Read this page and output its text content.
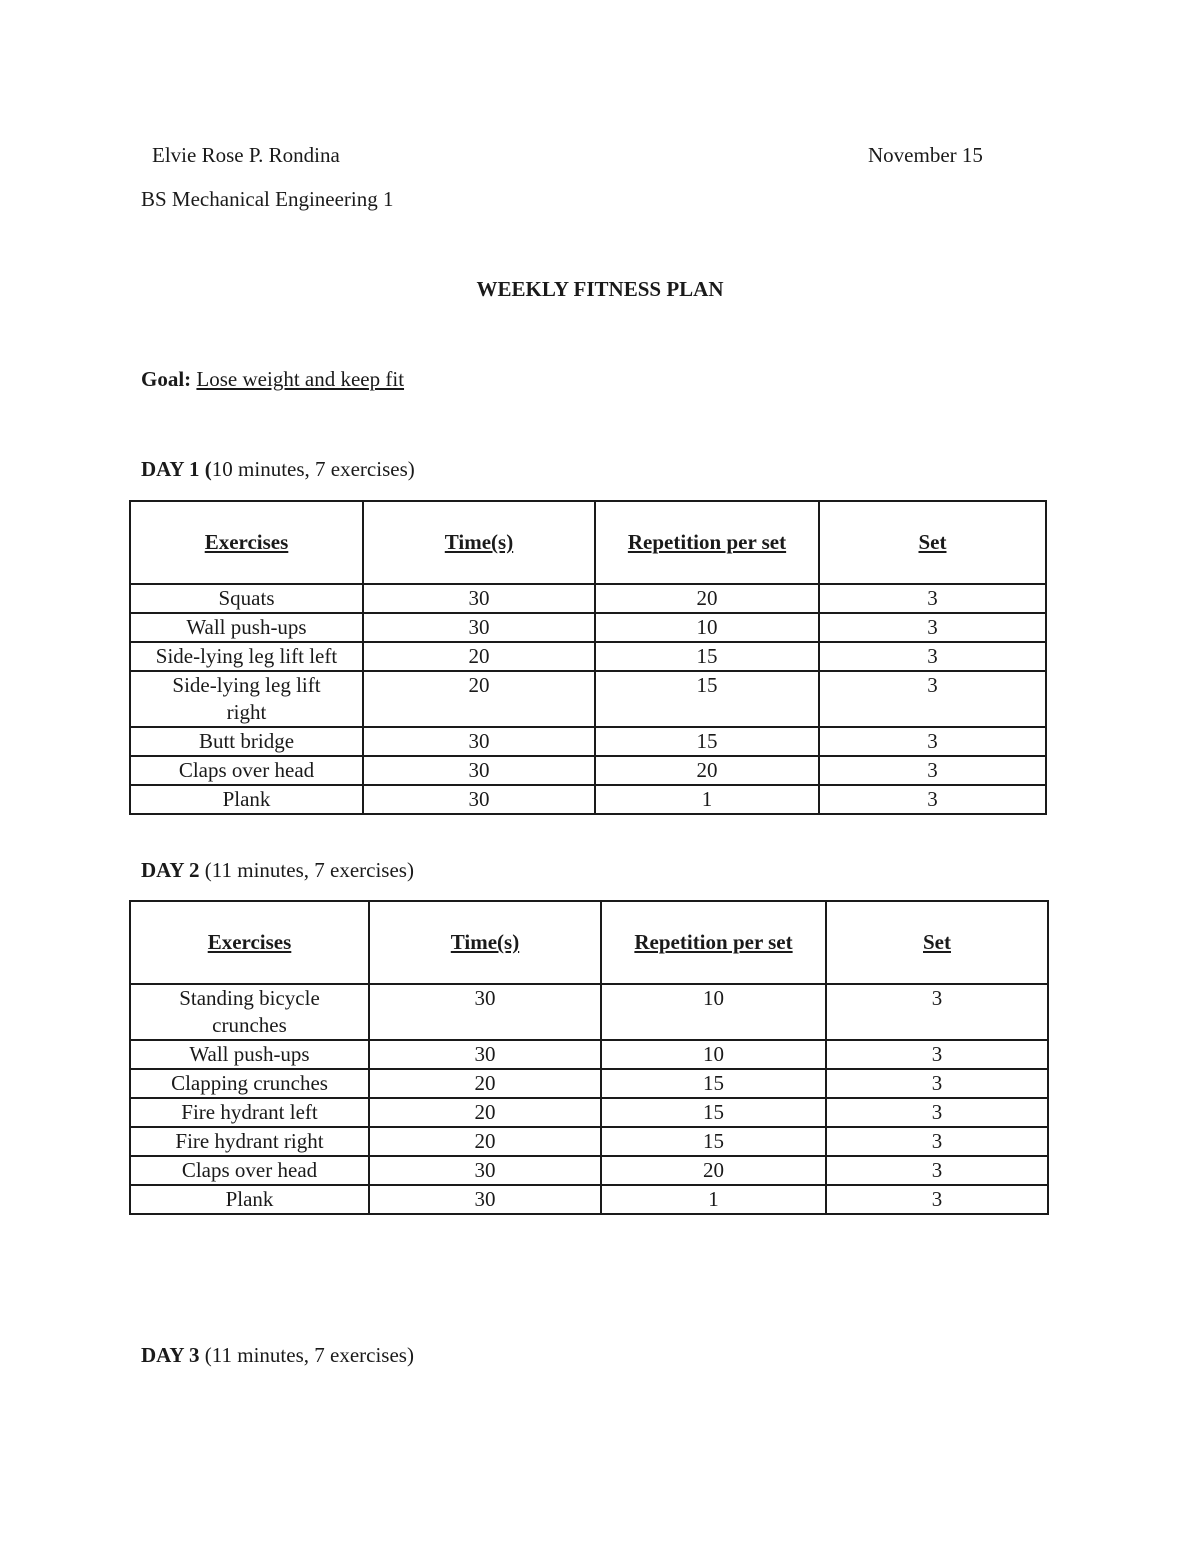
Elvie Rose P. Rondina	November 15
BS Mechanical Engineering 1
WEEKLY FITNESS PLAN
Goal: Lose weight and keep fit
DAY 1 (10 minutes, 7 exercises)
Exercises	Time(s)	Repetition per set	Set
Squats	30	20	3
Wall push-ups	30	10	3
Side-lying leg lift left	20	15	3
Side-lying leg lift right	20	15	3
Butt bridge	30	15	3
Claps over head	30	20	3
Plank	30	1	3
DAY 2 (11 minutes, 7 exercises)
Exercises	Time(s)	Repetition per set	Set
Standing bicycle crunches	30	10	3
Wall push-ups	30	10	3
Clapping crunches	20	15	3
Fire hydrant left	20	15	3
Fire hydrant right	20	15	3
Claps over head	30	20	3
Plank	30	1	3
DAY 3 (11 minutes, 7 exercises)
